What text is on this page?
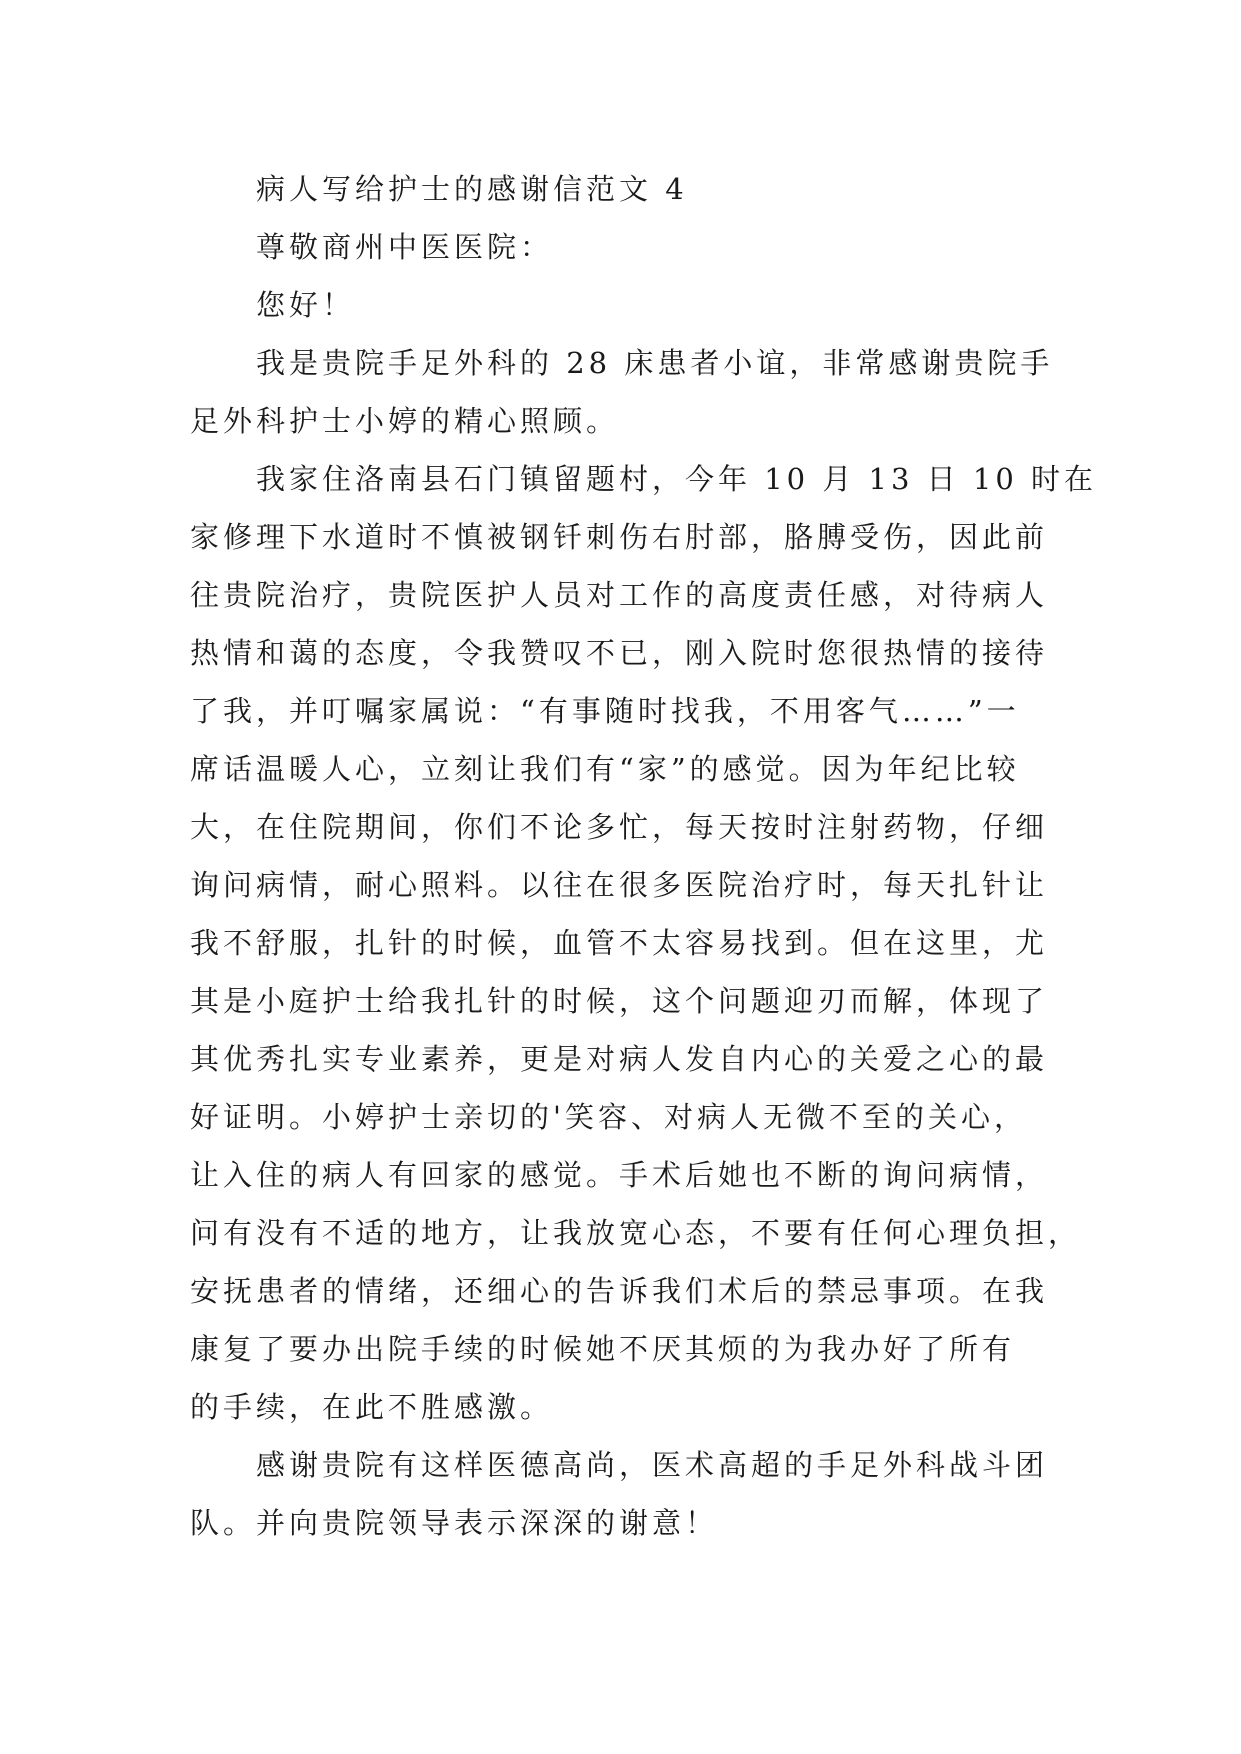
病人写给护士的感谢信范文 4
尊敬商州中医医院：
您好！
我是贵院手足外科的 28 床患者小谊，非常感谢贵院手
足外科护士小婷的精心照顾。
我家住洛南县石门镇留题村，今年 10 月 13 日 10 时在
家修理下水道时不慎被钢钎刺伤右肘部，胳膊受伤，因此前
往贵院治疗，贵院医护人员对工作的高度责任感，对待病人
热情和蔼的态度，令我赞叹不已，刚入院时您很热情的接待
了我，并叮嘱家属说：“有事随时找我，不用客气……”一
席话温暖人心，立刻让我们有“家”的感觉。因为年纪比较
大，在住院期间，你们不论多忙，每天按时注射药物，仔细
询问病情，耐心照料。以往在很多医院治疗时，每天扎针让
我不舒服，扎针的时候，血管不太容易找到。但在这里，尤
其是小庭护士给我扎针的时候，这个问题迎刃而解，体现了
其优秀扎实专业素养，更是对病人发自内心的关爱之心的最
好证明。小婷护士亲切的'笑容、对病人无微不至的关心，
让入住的病人有回家的感觉。手术后她也不断的询问病情，
问有没有不适的地方，让我放宽心态，不要有任何心理负担，
安抚患者的情绪，还细心的告诉我们术后的禁忌事项。在我
康复了要办出院手续的时候她不厌其烦的为我办好了所有
的手续，在此不胜感激。
感谢贵院有这样医德高尚，医术高超的手足外科战斗团
队。并向贵院领导表示深深的谢意！
